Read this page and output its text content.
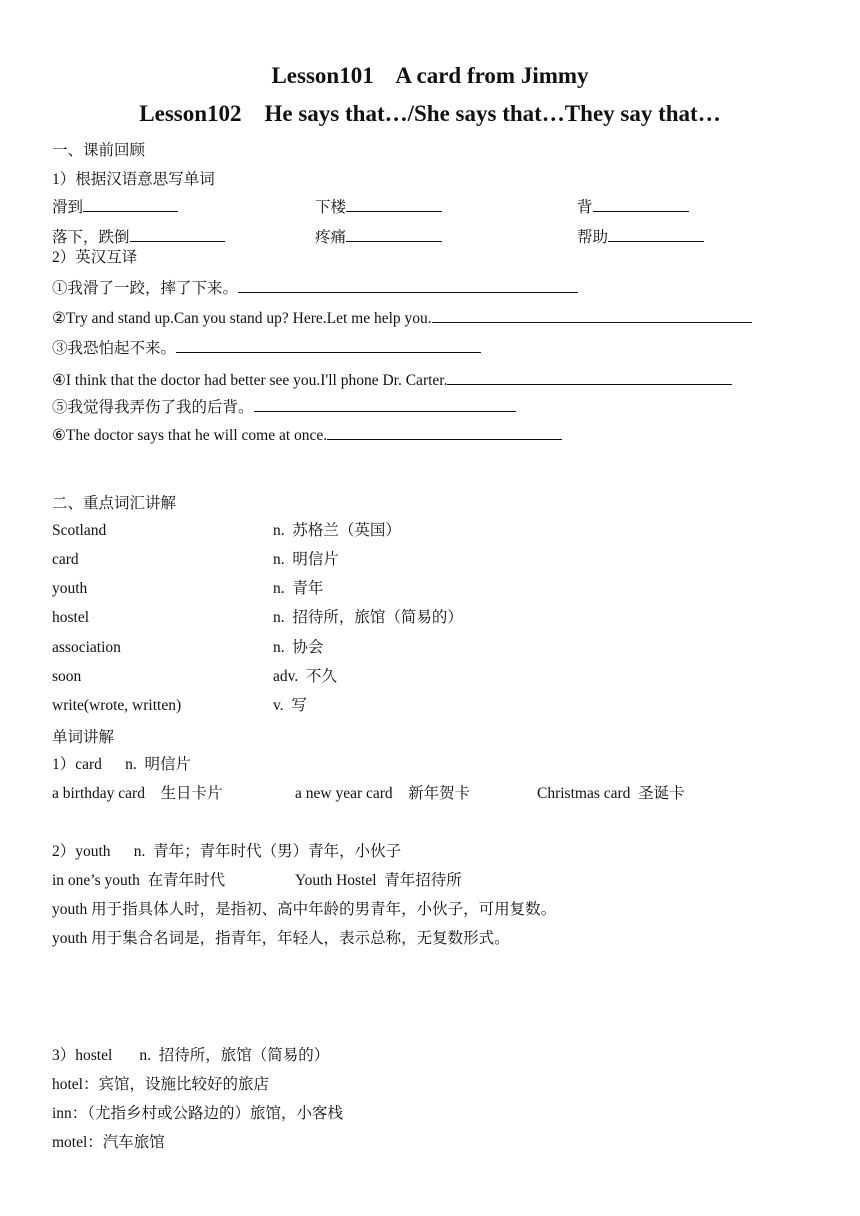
Lesson101    A card from Jimmy
Lesson102    He says that…/She says that…They say that…
一、课前回顾
1）根据汉语意思写单词
滑到	下楼	背
落下，跌倒	疼痛	帮助
2）英汉互译
①我滑了一跤，摔了下来。
②Try and stand up.Can you stand up? Here.Let me help you.
③我恐怕起不来。
④I think that the doctor had better see you.I'll phone Dr. Carter.
⑤我觉得我弄伤了我的后背。
⑥The doctor says that he will come at once.
二、重点词汇讲解
Scotland	n.  苏格兰（英国）
card	n.  明信片
youth	n.  青年
hostel	n.  招待所，旅馆（简易的）
association	n.  协会
soon	adv.  不久
write(wrote, written)	v.  写
单词讲解
1）card      n.  明信片
a birthday card    生日卡片	a new year card    新年贺卡	Christmas card  圣诞卡
2）youth      n.  青年；青年时代（男）青年，小伙子
in one’s youth  在青年时代	Youth Hostel  青年招待所
youth 用于指具体人时，是指初、高中年龄的男青年，小伙子，可用复数。
youth 用于集合名词是，指青年，年轻人，表示总称，无复数形式。
3）hostel       n.  招待所，旅馆（简易的）
hotel：宾馆，设施比较好的旅店
inn：（尤指乡村或公路边的）旅馆，小客栈
motel：汽车旅馆
